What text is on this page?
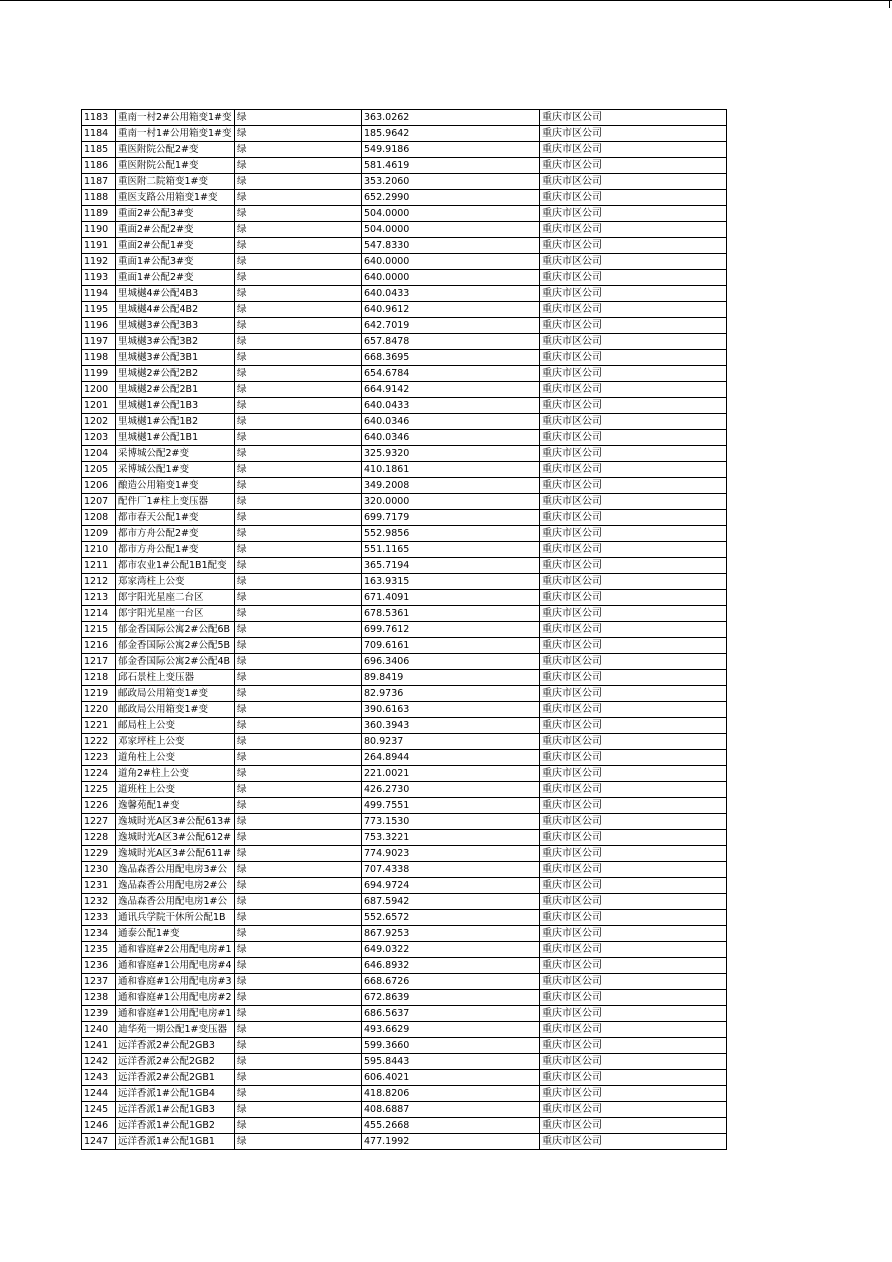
1183	重南一村2#公用箱变1#变	绿	363.0262	重庆市区公司
1184	重南一村1#公用箱变1#变	绿	185.9642	重庆市区公司
1185	重医附院公配2#变	绿	549.9186	重庆市区公司
1186	重医附院公配1#变	绿	581.4619	重庆市区公司
1187	重医附二院箱变1#变	绿	353.2060	重庆市区公司
1188	重医支路公用箱变1#变	绿	652.2990	重庆市区公司
1189	重面2#公配3#变	绿	504.0000	重庆市区公司
1190	重面2#公配2#变	绿	504.0000	重庆市区公司
1191	重面2#公配1#变	绿	547.8330	重庆市区公司
1192	重面1#公配3#变	绿	640.0000	重庆市区公司
1193	重面1#公配2#变	绿	640.0000	重庆市区公司
1194	里城樾4#公配4B3	绿	640.0433	重庆市区公司
1195	里城樾4#公配4B2	绿	640.9612	重庆市区公司
1196	里城樾3#公配3B3	绿	642.7019	重庆市区公司
1197	里城樾3#公配3B2	绿	657.8478	重庆市区公司
1198	里城樾3#公配3B1	绿	668.3695	重庆市区公司
1199	里城樾2#公配2B2	绿	654.6784	重庆市区公司
1200	里城樾2#公配2B1	绿	664.9142	重庆市区公司
1201	里城樾1#公配1B3	绿	640.0433	重庆市区公司
1202	里城樾1#公配1B2	绿	640.0346	重庆市区公司
1203	里城樾1#公配1B1	绿	640.0346	重庆市区公司
1204	采博城公配2#变	绿	325.9320	重庆市区公司
1205	采博城公配1#变	绿	410.1861	重庆市区公司
1206	酿造公用箱变1#变	绿	349.2008	重庆市区公司
1207	配件厂1#柱上变压器	绿	320.0000	重庆市区公司
1208	都市春天公配1#变	绿	699.7179	重庆市区公司
1209	都市方舟公配2#变	绿	552.9856	重庆市区公司
1210	都市方舟公配1#变	绿	551.1165	重庆市区公司
1211	都市农业1#公配1B1配变	绿	365.7194	重庆市区公司
1212	郑家湾柱上公变	绿	163.9315	重庆市区公司
1213	郎宇阳光星座二台区	绿	671.4091	重庆市区公司
1214	郎宇阳光星座一台区	绿	678.5361	重庆市区公司
1215	郁金香国际公寓2#公配6B	绿	699.7612	重庆市区公司
1216	郁金香国际公寓2#公配5B	绿	709.6161	重庆市区公司
1217	郁金香国际公寓2#公配4B	绿	696.3406	重庆市区公司
1218	邱石景柱上变压器	绿	89.8419	重庆市区公司
1219	邮政局公用箱变1#变	绿	82.9736	重庆市区公司
1220	邮政局公用箱变1#变	绿	390.6163	重庆市区公司
1221	邮局柱上公变	绿	360.3943	重庆市区公司
1222	邓家坪柱上公变	绿	80.9237	重庆市区公司
1223	道角柱上公变	绿	264.8944	重庆市区公司
1224	道角2#柱上公变	绿	221.0021	重庆市区公司
1225	道班柱上公变	绿	426.2730	重庆市区公司
1226	逸馨苑配1#变	绿	499.7551	重庆市区公司
1227	逸城时光A区3#公配613#	绿	773.1530	重庆市区公司
1228	逸城时光A区3#公配612#	绿	753.3221	重庆市区公司
1229	逸城时光A区3#公配611#	绿	774.9023	重庆市区公司
1230	逸品森香公用配电房3#公	绿	707.4338	重庆市区公司
1231	逸品森香公用配电房2#公	绿	694.9724	重庆市区公司
1232	逸品森香公用配电房1#公	绿	687.5942	重庆市区公司
1233	通讯兵学院干休所公配1B	绿	552.6572	重庆市区公司
1234	通泰公配1#变	绿	867.9253	重庆市区公司
1235	通和睿庭#2公用配电房#1	绿	649.0322	重庆市区公司
1236	通和睿庭#1公用配电房#4	绿	646.8932	重庆市区公司
1237	通和睿庭#1公用配电房#3	绿	668.6726	重庆市区公司
1238	通和睿庭#1公用配电房#2	绿	672.8639	重庆市区公司
1239	通和睿庭#1公用配电房#1	绿	686.5637	重庆市区公司
1240	迪华苑一期公配1#变压器	绿	493.6629	重庆市区公司
1241	远洋香派2#公配2GB3	绿	599.3660	重庆市区公司
1242	远洋香派2#公配2GB2	绿	595.8443	重庆市区公司
1243	远洋香派2#公配2GB1	绿	606.4021	重庆市区公司
1244	远洋香派1#公配1GB4	绿	418.8206	重庆市区公司
1245	远洋香派1#公配1GB3	绿	408.6887	重庆市区公司
1246	远洋香派1#公配1GB2	绿	455.2668	重庆市区公司
1247	远洋香派1#公配1GB1	绿	477.1992	重庆市区公司
